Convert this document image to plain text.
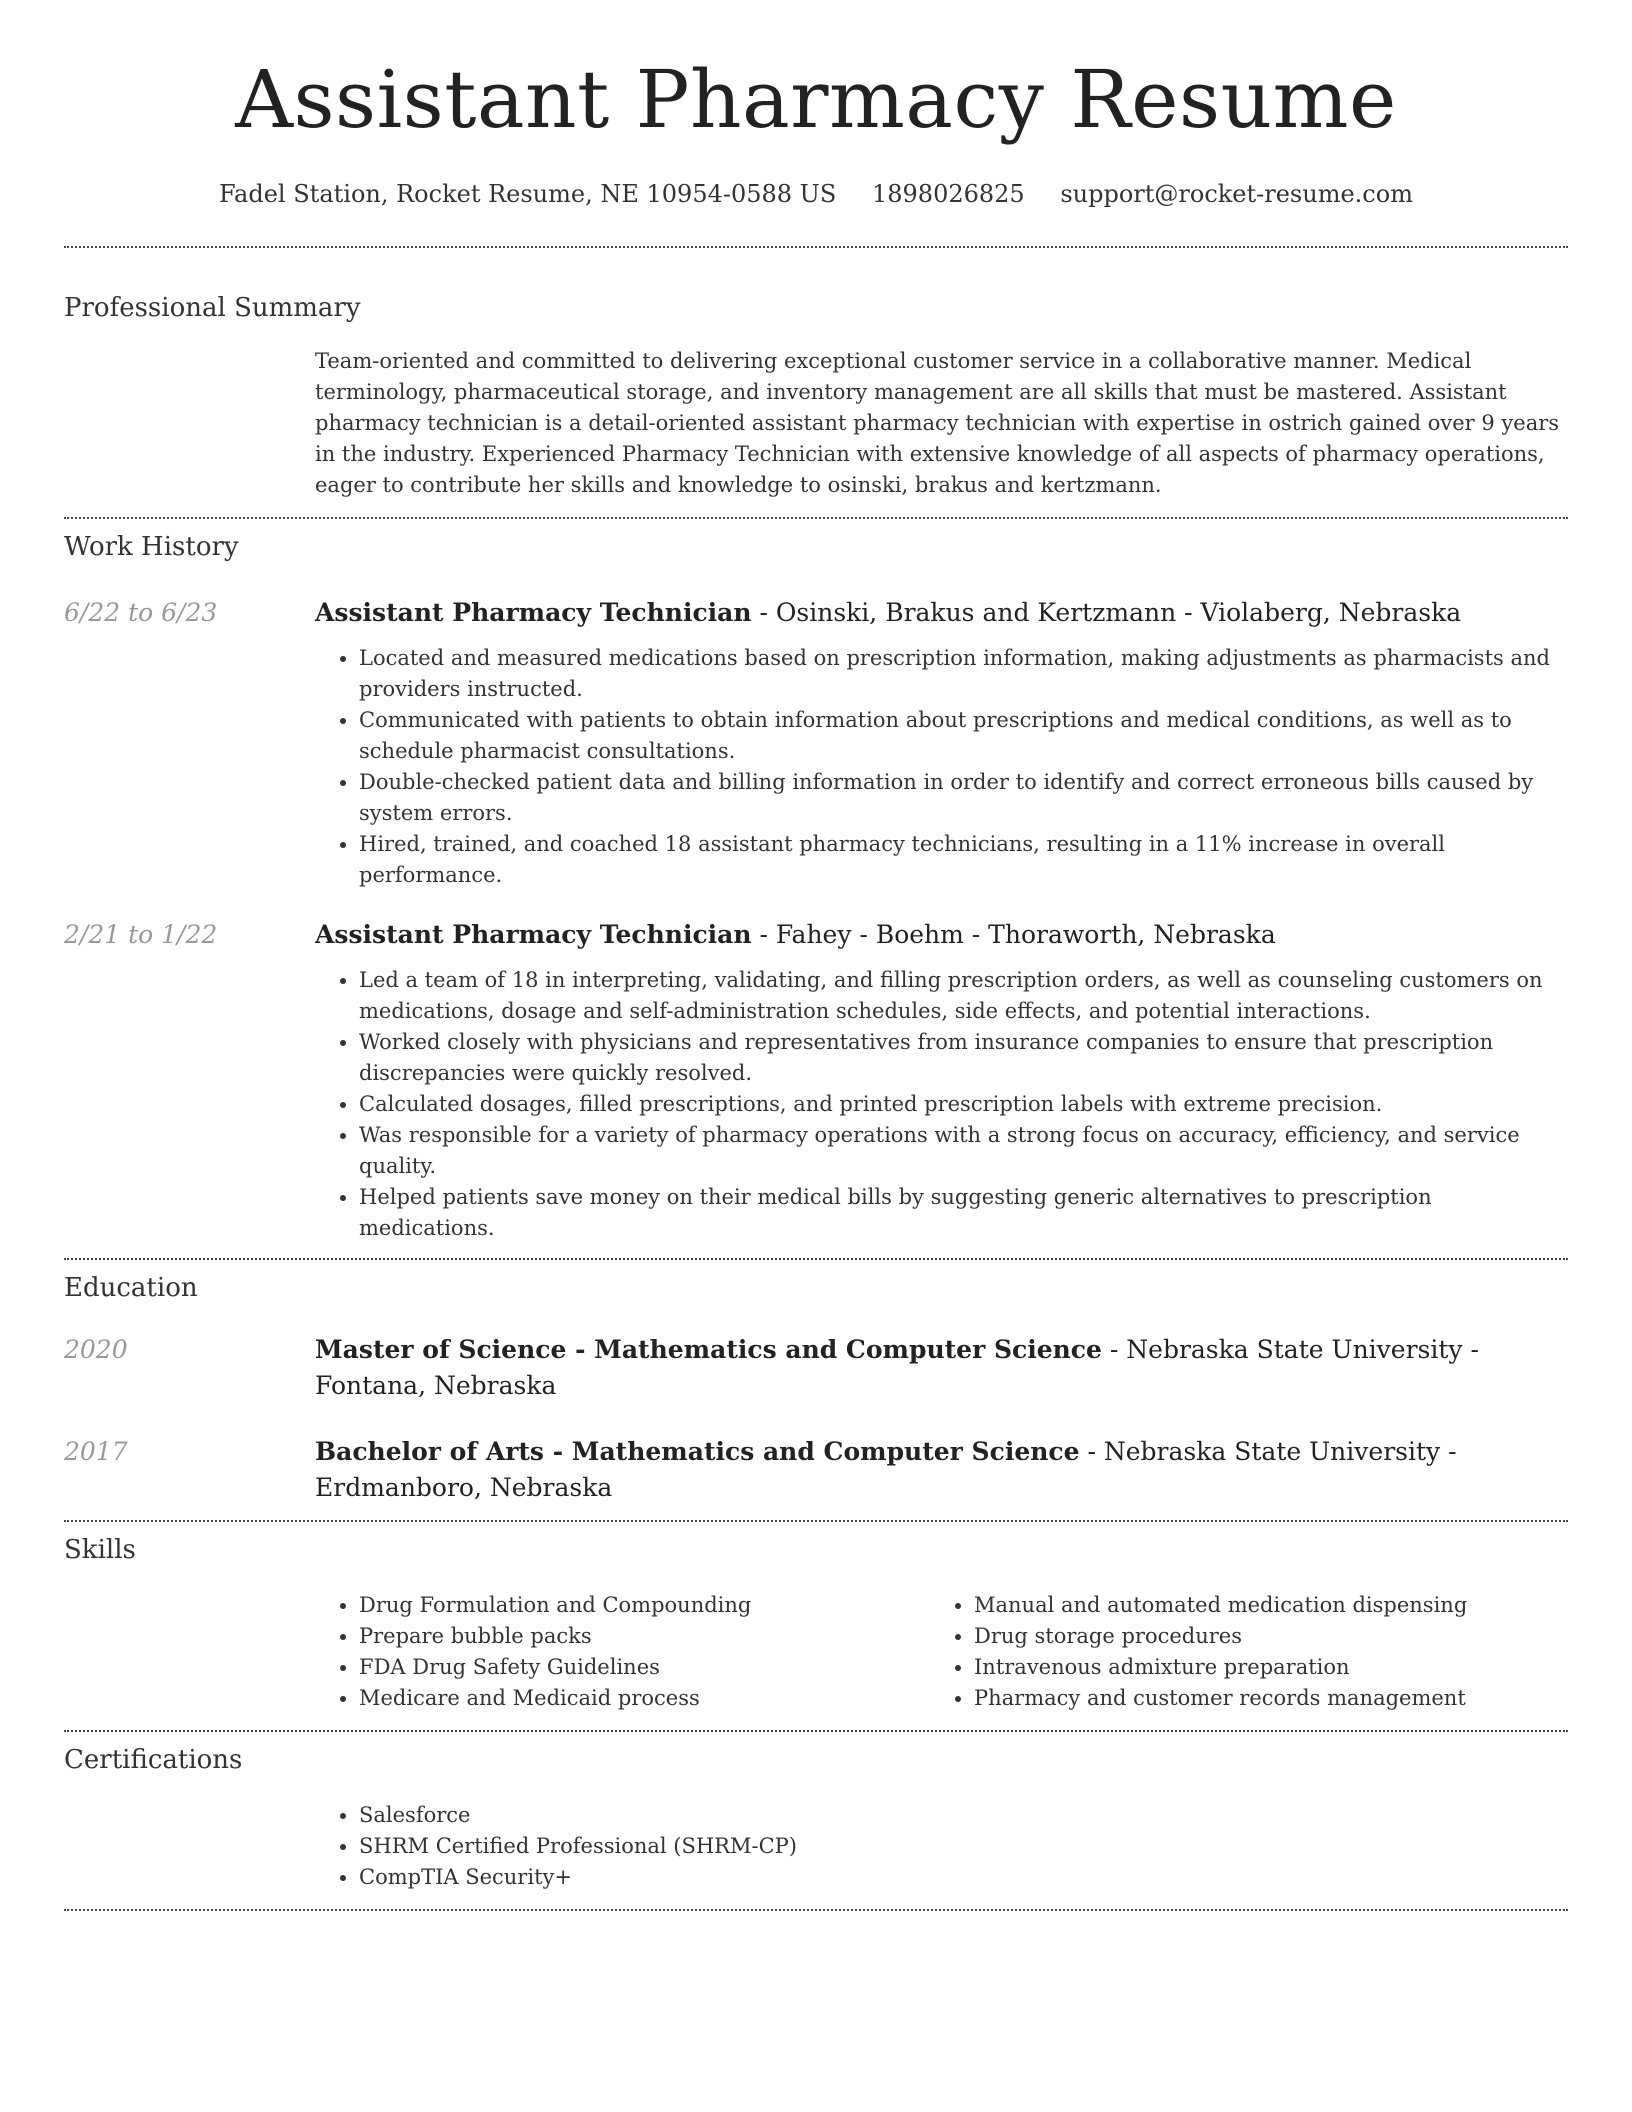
Assistant Pharmacy Resume
Fadel Station, Rocket Resume, NE 10954-0588 US 1898026825 support@rocket-resume.com
Professional Summary
Team-oriented and committed to delivering exceptional customer service in a collaborative manner. Medical terminology, pharmaceutical storage, and inventory management are all skills that must be mastered. Assistant pharmacy technician is a detail-oriented assistant pharmacy technician with expertise in ostrich gained over 9 years in the industry. Experienced Pharmacy Technician with extensive knowledge of all aspects of pharmacy operations, eager to contribute her skills and knowledge to osinski, brakus and kertzmann.
Work History
6/22 to 6/23	Assistant Pharmacy Technician - Osinski, Brakus and Kertzmann - Violaberg, Nebraska
• Located and measured medications based on prescription information, making adjustments as pharmacists and providers instructed.
• Communicated with patients to obtain information about prescriptions and medical conditions, as well as to schedule pharmacist consultations.
• Double-checked patient data and billing information in order to identify and correct erroneous bills caused by system errors.
• Hired, trained, and coached 18 assistant pharmacy technicians, resulting in a 11% increase in overall performance.
2/21 to 1/22	Assistant Pharmacy Technician - Fahey - Boehm - Thoraworth, Nebraska
• Led a team of 18 in interpreting, validating, and filling prescription orders, as well as counseling customers on medications, dosage and self-administration schedules, side effects, and potential interactions.
• Worked closely with physicians and representatives from insurance companies to ensure that prescription discrepancies were quickly resolved.
• Calculated dosages, filled prescriptions, and printed prescription labels with extreme precision.
• Was responsible for a variety of pharmacy operations with a strong focus on accuracy, efficiency, and service quality.
• Helped patients save money on their medical bills by suggesting generic alternatives to prescription medications.
Education
2020	Master of Science - Mathematics and Computer Science - Nebraska State University - Fontana, Nebraska
2017	Bachelor of Arts - Mathematics and Computer Science - Nebraska State University - Erdmanboro, Nebraska
Skills
• Drug Formulation and Compounding
• Prepare bubble packs
• FDA Drug Safety Guidelines
• Medicare and Medicaid process
• Manual and automated medication dispensing
• Drug storage procedures
• Intravenous admixture preparation
• Pharmacy and customer records management
Certifications
• Salesforce
• SHRM Certified Professional (SHRM-CP)
• CompTIA Security+
